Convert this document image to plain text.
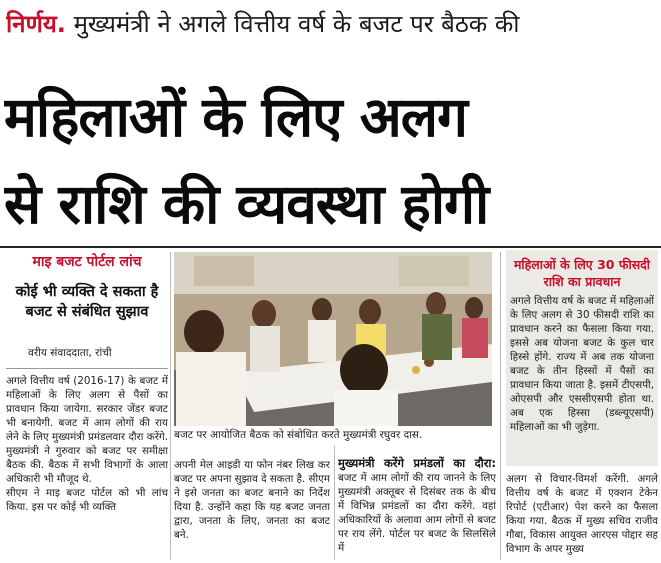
निर्णय. मुख्यमंत्री ने अगले वित्तीय वर्ष के बजट पर बैठक की
महिलाओं के लिए अलग
से राशि की व्यवस्था होगी
माइ बजट पोर्टल लांच
कोई भी व्यक्ति दे सकता है बजट से संबंधित सुझाव
वरीय संवाददाता, रांची
अगले वित्तीय वर्ष (2016-17) के बजट में महिलाओं के लिए अलग से पैसों का प्रावधान किया जायेगा. सरकार जेंडर बजट भी बनायेगी. बजट में आम लोगों की राय लेने के लिए मुख्यमंत्री प्रमंडलवार दौरा करेंगे. मुख्यमंत्री ने गुरुवार को बजट पर समीक्षा बैठक की. बैठक में सभी विभागों के आला अधिकारी भी मौजूद थे.
सीएम ने माइ बजट पोर्टल को भी लांच किया. इस पर कोई भी व्यक्ति
बजट पर आयोजित बैठक को संबोधित करते मुख्यमंत्री रघुवर दास.
अपनी मेल आइडी या फोन नंबर लिख कर बजट पर अपना सुझाव दे सकता है. सीएम ने इसे जनता का बजट बनाने का निर्देश दिया है. उन्होंने कहा कि यह बजट जनता द्वारा, जनता के लिए, जनता का बजट बने.
मुख्यमंत्री करेंगे प्रमंडलों का दौरा: बजट में आम लोगों की राय जानने के लिए मुख्यमंत्री अक्तूबर से दिसंबर तक के बीच में विभिन्न प्रमंडलों का दौरा करेंगे. वहां अधिकारियों के अलावा आम लोगों से बजट पर राय लेंगे. पोर्टल पर बजट के सिलसिले में
महिलाओं के लिए 30 फीसदी राशि का प्रावधान
अगले वित्तीय वर्ष के बजट में महिलाओं के लिए अलग से 30 फीसदी राशि का प्रावधान करने का फैसला किया गया. इससे अब योजना बजट के कुल चार हिस्से होंगे. राज्य में अब तक योजना बजट के तीन हिस्सों में पैसों का प्रावधान किया जाता है. इसमें टीएसपी, ओएसपी और एससीएसपी होता था. अब एक हिस्सा (डब्ल्यूएसपी) महिलाओं का भी जुड़ेगा.
अलग से विचार-विमर्श करेंगी. अगले वित्तीय वर्ष के बजट में एक्शन टेकेन रिपोर्ट (एटीआर) पेश करने का फैसला किया गया. बैठक में मुख्य सचिव राजीव गौबा, विकास आयुक्त आरएस पोद्दार सह विभाग के अपर मुख्य
